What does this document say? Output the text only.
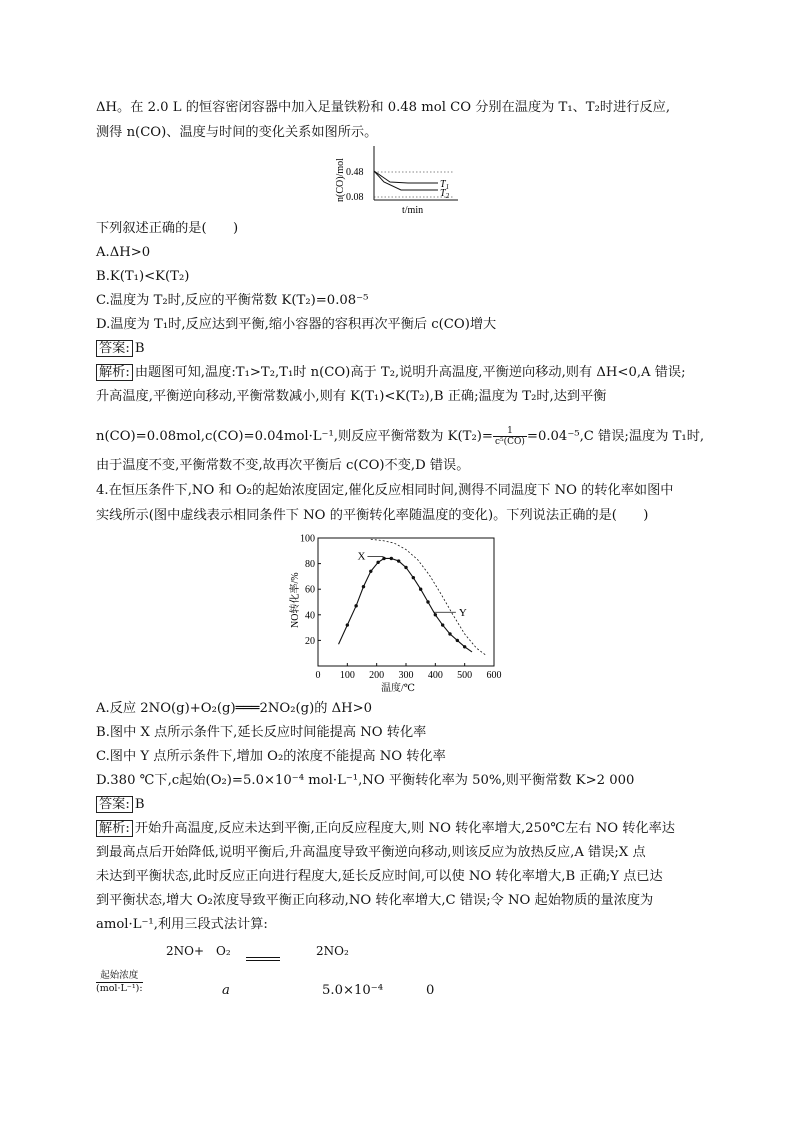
ΔH。在 2.0 L 的恒容密闭容器中加入足量铁粉和 0.48 mol CO 分别在温度为 T₁、T₂时进行反应,
测得 n(CO)、温度与时间的变化关系如图所示。
n(CO)/mol 0.48
0.08
$T_1$
$T_2$
t/min
下列叙述正确的是(　　)
A.ΔH>0
B.K(T₁)<K(T₂)
C.温度为 T₂时,反应的平衡常数 K(T₂)=0.08⁻⁵
D.温度为 T₁时,反应达到平衡,缩小容器的容积再次平衡后 c(CO)增大
答案: B
解析: 由题图可知,温度:T₁>T₂,T₁时 n(CO)高于 T₂,说明升高温度,平衡逆向移动,则有 ΔH<0,A 错误;
升高温度,平衡逆向移动,平衡常数减小,则有 K(T₁)<K(T₂),B 正确;温度为 T₂时,达到平衡
n(CO)=0.08mol,c(CO)=0.04mol·L⁻¹,则反应平衡常数为 $K(T_2)= \frac{1}{\text{c⁵(CO)}} =0.04^{-5},C$ 错误;温度为 T₁时,
由于温度不变,平衡常数不变,故再次平衡后 c(CO)不变,D 错误。
4.在恒压条件下,NO 和 O₂的起始浓度固定,催化反应相同时间,测得不同温度下 NO 的转化率如图中
实线所示(图中虚线表示相同条件下 NO 的平衡转化率随温度的变化)。下列说法正确的是(　　)
100 200 300 400 500 600
0
20
40
60
80
100
NO转化率/%
温度/℃
X
Y
A.反应 2NO(g)+O₂(g)═══2NO₂(g)的 ΔH>0
B.图中 X 点所示条件下,延长反应时间能提高 NO 转化率
C.图中 Y 点所示条件下,增加 O₂的浓度不能提高 NO 转化率
D.380 ℃下,c起始(O₂)=5.0×10⁻⁴ mol·L⁻¹,NO 平衡转化率为 50%,则平衡常数 K>2 000
答案: B
解析: 开始升高温度,反应未达到平衡,正向反应程度大,则 NO 转化率增大,250℃左右 NO 转化率达
到最高点后开始降低,说明平衡后,升高温度导致平衡逆向移动,则该反应为放热反应,A 错误;X 点
未达到平衡状态,此时反应正向进行程度大,延长反应时间,可以使 NO 转化率增大,B 正确;Y 点已达
到平衡状态,增大 O₂浓度导致平衡正向移动,NO 转化率增大,C 错误;令 NO 起始物质的量浓度为
amol·L⁻¹,利用三段式法计算:
2NO+　O₂	2NO₂
起始浓度
(mol·L⁻¹):	a	5.0×10⁻⁴	0
